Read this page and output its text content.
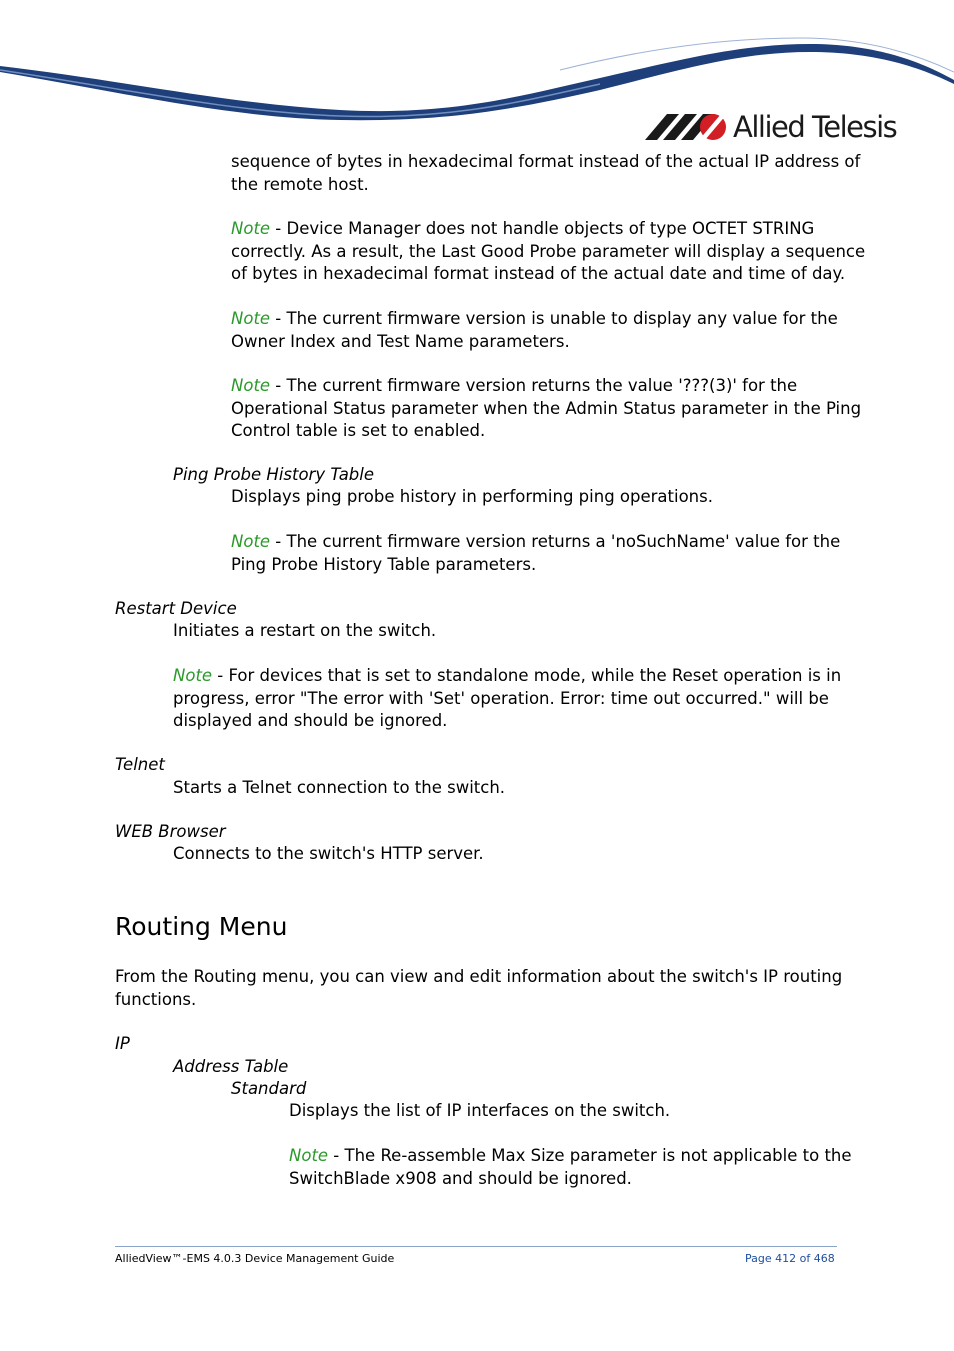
Allied Telesis
sequence of bytes in hexadecimal format instead of the actual IP address of
the remote host.
Note - Device Manager does not handle objects of type OCTET STRING
correctly. As a result, the Last Good Probe parameter will display a sequence
of bytes in hexadecimal format instead of the actual date and time of day.
Note - The current firmware version is unable to display any value for the
Owner Index and Test Name parameters.
Note - The current firmware version returns the value '???(3)' for the
Operational Status parameter when the Admin Status parameter in the Ping
Control table is set to enabled.
Ping Probe History Table
Displays ping probe history in performing ping operations.
Note - The current firmware version returns a 'noSuchName' value for the
Ping Probe History Table parameters.
Restart Device
Initiates a restart on the switch.
Note - For devices that is set to standalone mode, while the Reset operation is in
progress, error "The error with 'Set' operation. Error: time out occurred." will be
displayed and should be ignored.
Telnet
Starts a Telnet connection to the switch.
WEB Browser
Connects to the switch's HTTP server.
Routing Menu
From the Routing menu, you can view and edit information about the switch's IP routing
functions.
IP
Address Table
Standard
Displays the list of IP interfaces on the switch.
Note - The Re-assemble Max Size parameter is not applicable to the
SwitchBlade x908 and should be ignored.
AlliedView™-EMS 4.0.3 Device Management Guide	Page 412 of 468
